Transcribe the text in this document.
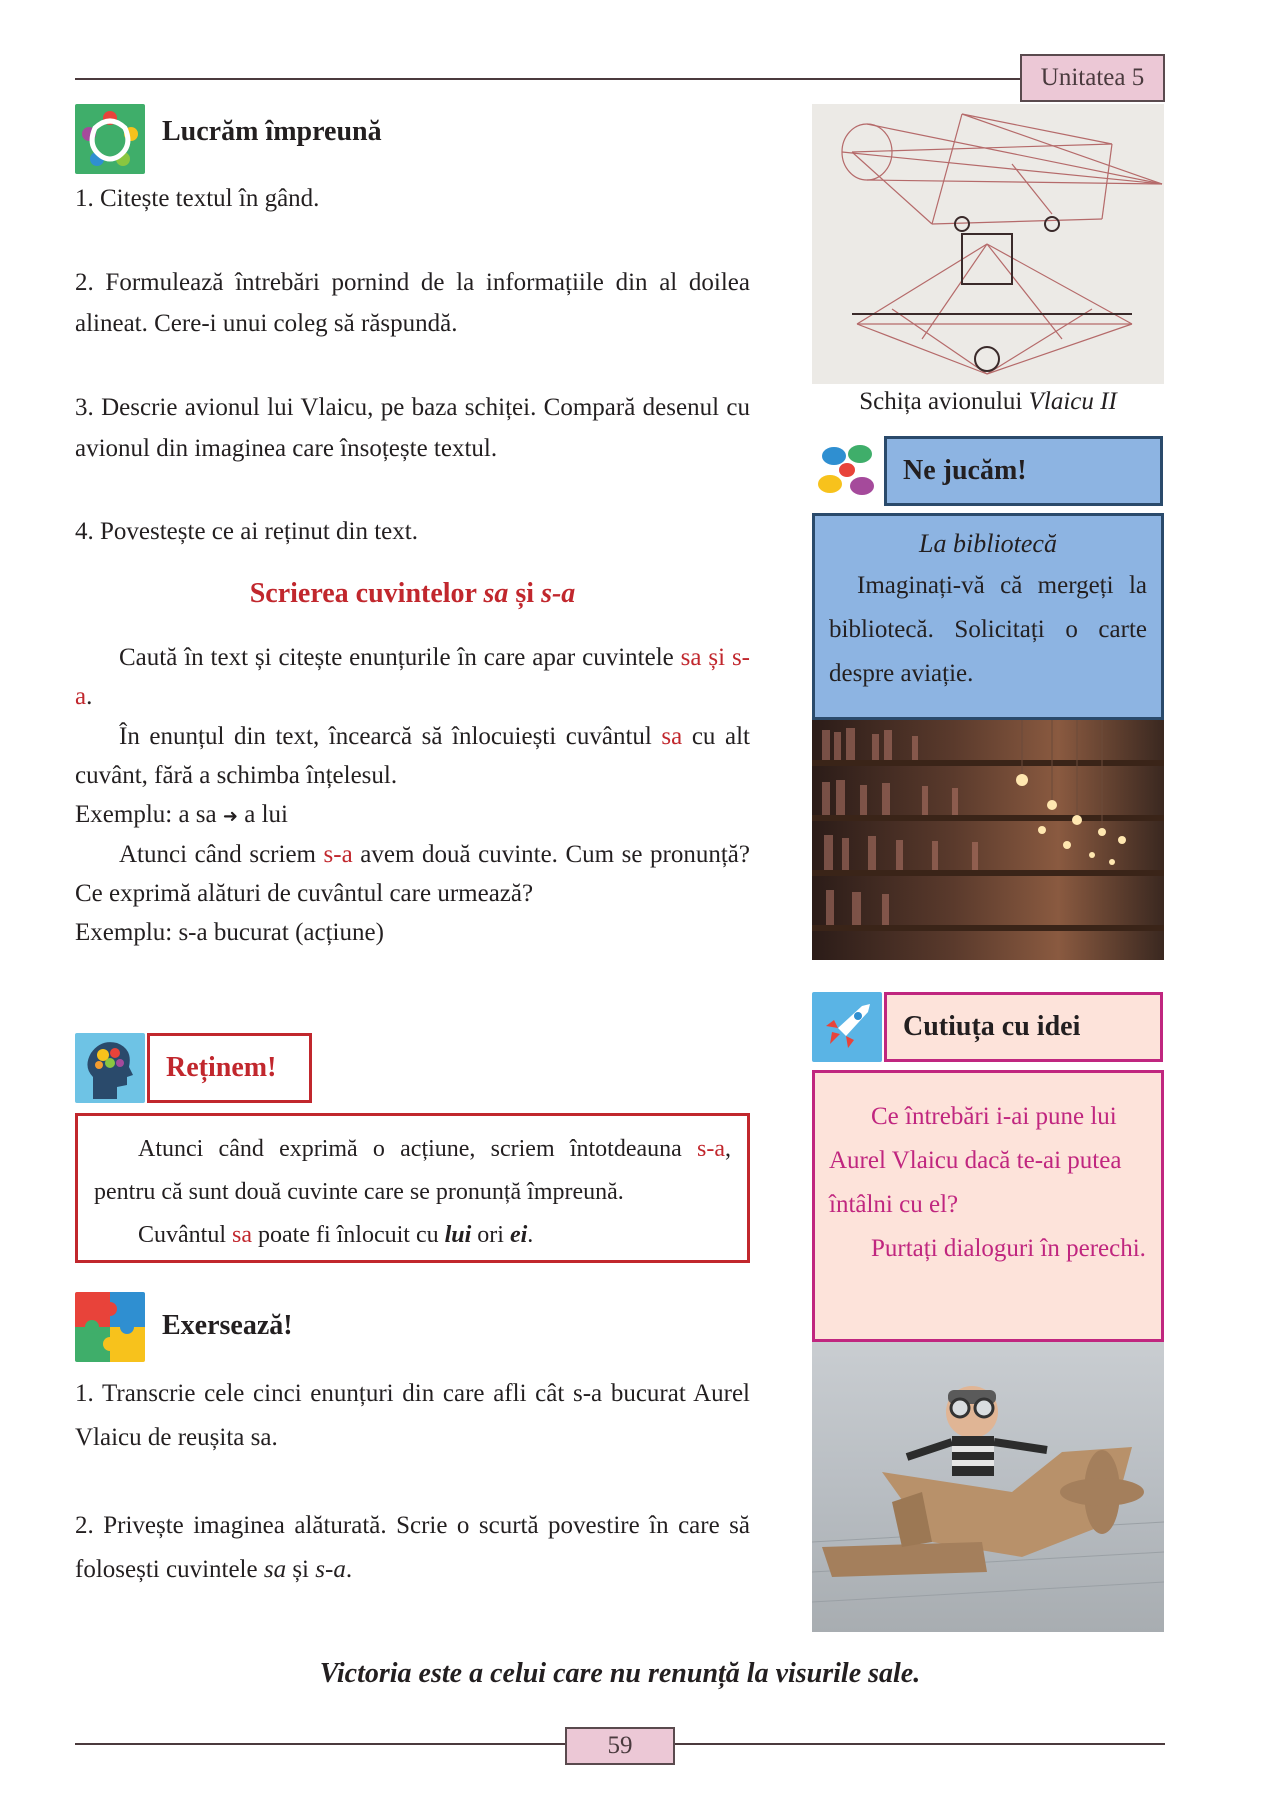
Unitatea 5
Lucrăm împreună
1. Citește textul în gând.
2. Formulează întrebări pornind de la informațiile din al doilea alineat. Cere-i unui coleg să răspundă.
3. Descrie avionul lui Vlaicu, pe baza schiței. Compară desenul cu avionul din imaginea care însoțește textul.
4. Povestește ce ai reținut din text.
Scrierea cuvintelor sa și s-a
Caută în text și citește enunțurile în care apar cuvintele sa și s-a.
În enunțul din text, încearcă să înlocuiești cuvântul sa cu alt cuvânt, fără a schimba înțelesul.
Exemplu: a sa ➜ a lui
Atunci când scriem s-a avem două cuvinte. Cum se pronunță? Ce exprimă alături de cuvântul care urmează?
Exemplu: s-a bucurat (acțiune)
Reținem!
Atunci când exprimă o acțiune, scriem întotdeauna s-a, pentru că sunt două cuvinte care se pronunță împreună.
Cuvântul sa poate fi înlocuit cu lui ori ei.
Exersează!
1. Transcrie cele cinci enunțuri din care afli cât s-a bucurat Aurel Vlaicu de reușita sa.
2. Privește imaginea alăturată. Scrie o scurtă povestire în care să folosești cuvintele sa și s-a.
Schița avionului Vlaicu II
Ne jucăm!
La bibliotecă
Imaginați-vă că mergeți la bibliotecă. Solicitați o carte despre aviație.
Cutiuța cu idei
Ce întrebări i-ai pune lui Aurel Vlaicu dacă te-ai putea întâlni cu el?
Purtați dialoguri în perechi.
Victoria este a celui care nu renunță la visurile sale.
59
